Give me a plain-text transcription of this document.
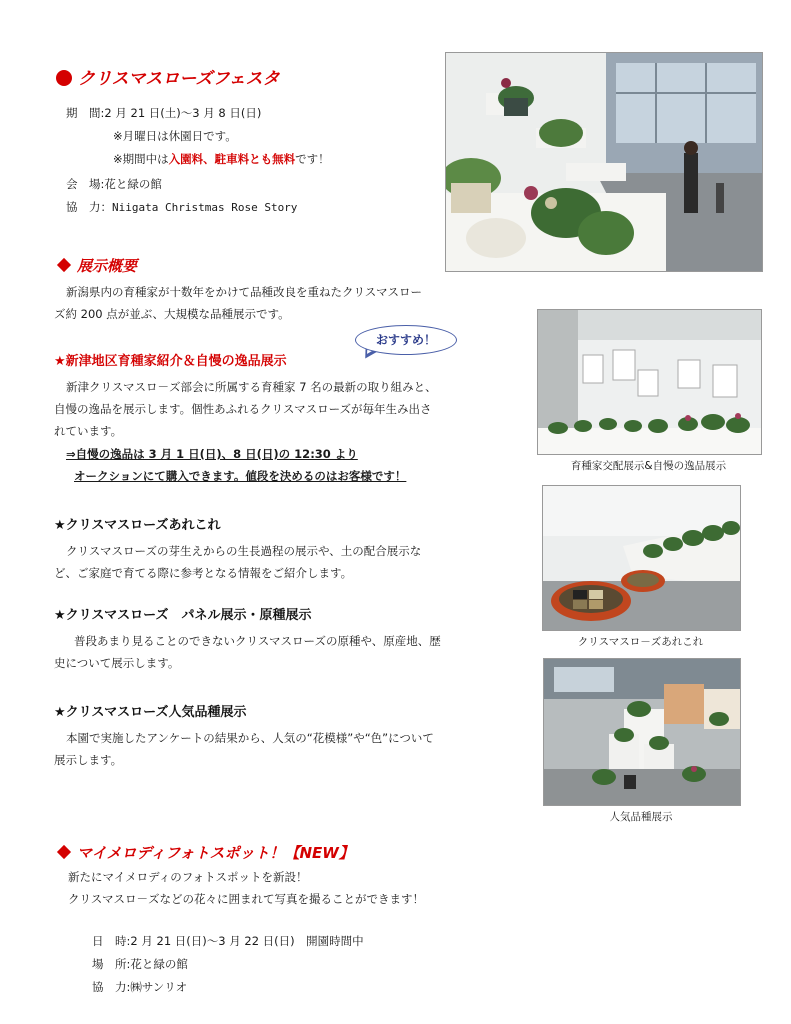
クリスマスローズフェスタ
期　間:2 月 21 日(土)～3 月 8 日(日)
※月曜日は休園日です。
※期間中は入園料、駐車料とも無料です！
会　場:花と緑の館
協　力：Niigata Christmas Rose Story
展示概要
新潟県内の育種家が十数年をかけて品種改良を重ねたクリスマスロー
ズ約 200 点が並ぶ、大規模な品種展示です。
おすすめ！
★新津地区育種家紹介＆自慢の逸品展示
新津クリスマスロ－ズ部会に所属する育種家 7 名の最新の取り組みと、
自慢の逸品を展示します。個性あふれるクリスマスローズが毎年生み出さ
れています。
⇒自慢の逸品は 3 月 1 日(日)、8 日(日)の 12:30 より
オークションにて購入できます。値段を決めるのはお客様です！
育種家交配展示&自慢の逸品展示
★クリスマスローズあれこれ
クリスマスローズの芽生えからの生長過程の展示や、土の配合展示な
ど、ご家庭で育てる際に参考となる情報をご紹介します。
クリスマスロ－ズあれこれ
★クリスマスローズ　パネル展示・原種展示
普段あまり見ることのできないクリスマスローズの原種や、原産地、歴
史について展示します。
人気品種展示
★クリスマスローズ人気品種展示
本園で実施したアンケートの結果から、人気の“花模様”や“色”について
展示します。
マイメロディフォトスポット！【NEW】
新たにマイメロディのフォトスポットを新設！
クリスマスロ－ズなどの花々に囲まれて写真を撮ることができます！
日　時:2 月 21 日(日)～3 月 22 日(日)　開園時間中
場　所:花と緑の館
協　力:㈱サンリオ
